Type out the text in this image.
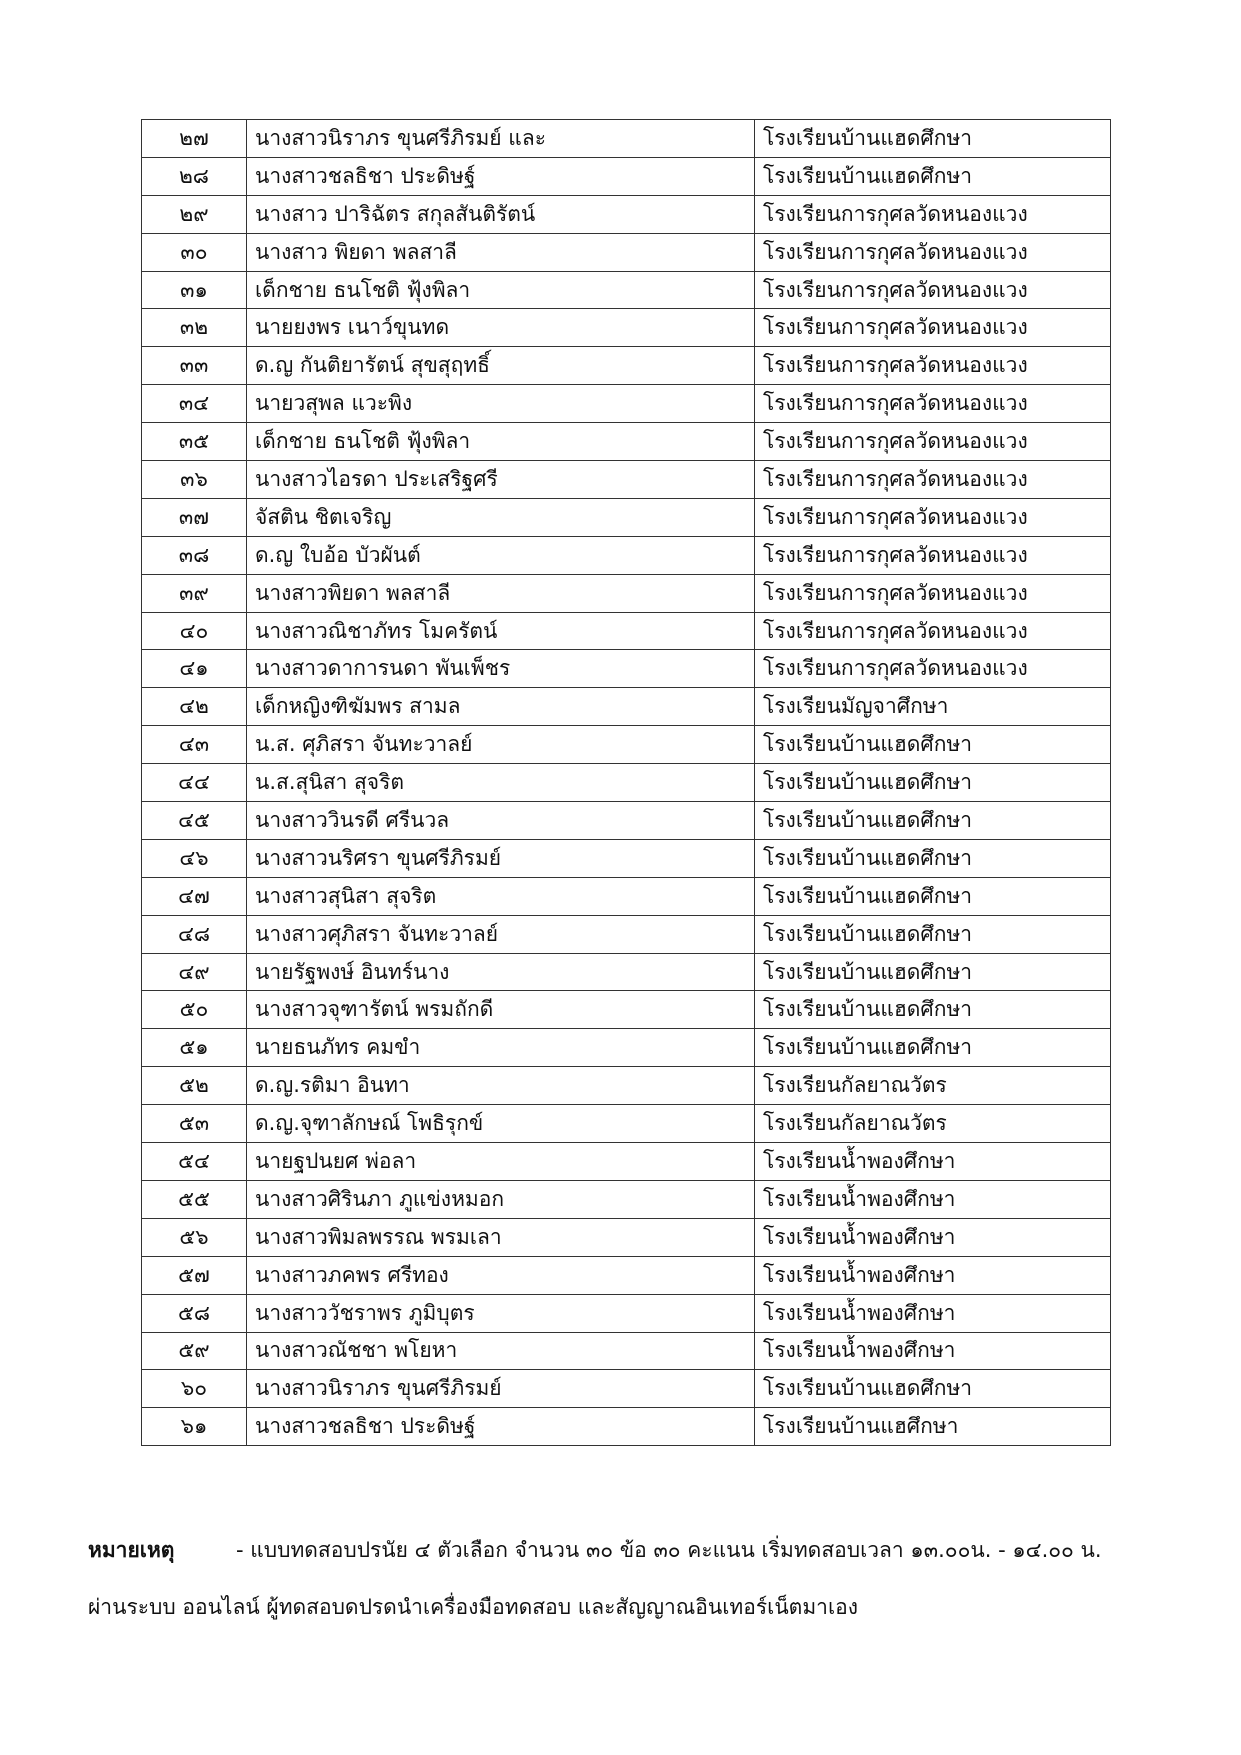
๒๗	นางสาวนิราภร ขุนศรีภิรมย์ และ	โรงเรียนบ้านแฮดศึกษา
๒๘	นางสาวชลธิชา ประดิษฐ์	โรงเรียนบ้านแฮดศึกษา
๒๙	นางสาว ปาริฉัตร สกุลสันติรัตน์	โรงเรียนการกุศลวัดหนองแวง
๓๐	นางสาว พิยดา พลสาลี	โรงเรียนการกุศลวัดหนองแวง
๓๑	เด็กชาย ธนโชติ ฟุ้งพิลา	โรงเรียนการกุศลวัดหนองแวง
๓๒	นายยงพร เนาว์ขุนทด	โรงเรียนการกุศลวัดหนองแวง
๓๓	ด.ญ กันติยารัตน์ สุขสุฤทธิ์	โรงเรียนการกุศลวัดหนองแวง
๓๔	นายวสุพล แวะพิง	โรงเรียนการกุศลวัดหนองแวง
๓๕	เด็กชาย ธนโชติ ฟุ้งพิลา	โรงเรียนการกุศลวัดหนองแวง
๓๖	นางสาวไอรดา ประเสริฐศรี	โรงเรียนการกุศลวัดหนองแวง
๓๗	จัสติน ชิตเจริญ	โรงเรียนการกุศลวัดหนองแวง
๓๘	ด.ญ ใบอ้อ บัวผันต์	โรงเรียนการกุศลวัดหนองแวง
๓๙	นางสาวพิยดา พลสาลี	โรงเรียนการกุศลวัดหนองแวง
๔๐	นางสาวณิชาภัทร โมครัตน์	โรงเรียนการกุศลวัดหนองแวง
๔๑	นางสาวดาการนดา พันเพ็ชร	โรงเรียนการกุศลวัดหนองแวง
๔๒	เด็กหญิงฑิฆัมพร สามล	โรงเรียนมัญจาศึกษา
๔๓	น.ส. ศุภิสรา จันทะวาลย์	โรงเรียนบ้านแฮดศึกษา
๔๔	น.ส.สุนิสา สุจริต	โรงเรียนบ้านแฮดศึกษา
๔๕	นางสาววินรดี ศรีนวล	โรงเรียนบ้านแฮดศึกษา
๔๖	นางสาวนริศรา ขุนศรีภิรมย์	โรงเรียนบ้านแฮดศึกษา
๔๗	นางสาวสุนิสา สุจริต	โรงเรียนบ้านแฮดศึกษา
๔๘	นางสาวศุภิสรา จันทะวาลย์	โรงเรียนบ้านแฮดศึกษา
๔๙	นายรัฐพงษ์ อินทร์นาง	โรงเรียนบ้านแฮดศึกษา
๕๐	นางสาวจุฑารัตน์ พรมถักดี	โรงเรียนบ้านแฮดศึกษา
๕๑	นายธนภัทร คมขำ	โรงเรียนบ้านแฮดศึกษา
๕๒	ด.ญ.รติมา อินทา	โรงเรียนกัลยาณวัตร
๕๓	ด.ญ.จุฑาลักษณ์ โพธิรุกข์	โรงเรียนกัลยาณวัตร
๕๔	นายฐปนยศ พ่อลา	โรงเรียนน้ำพองศึกษา
๕๕	นางสาวศิรินภา ภูแข่งหมอก	โรงเรียนน้ำพองศึกษา
๕๖	นางสาวพิมลพรรณ พรมเลา	โรงเรียนน้ำพองศึกษา
๕๗	นางสาวภคพร ศรีทอง	โรงเรียนน้ำพองศึกษา
๕๘	นางสาววัชราพร ภูมิบุตร	โรงเรียนน้ำพองศึกษา
๕๙	นางสาวณัชชา พโยหา	โรงเรียนน้ำพองศึกษา
๖๐	นางสาวนิราภร ขุนศรีภิรมย์	โรงเรียนบ้านแฮดศึกษา
๖๑	นางสาวชลธิชา ประดิษฐ์	โรงเรียนบ้านแฮศึกษา
หมายเหตุ	- แบบทดสอบปรนัย ๔ ตัวเลือก จำนวน ๓๐ ข้อ ๓๐ คะแนน เริ่มทดสอบเวลา ๑๓.๐๐น. - ๑๔.๐๐ น.
ผ่านระบบ ออนไลน์ ผู้ทดสอบดปรดนำเครื่องมือทดสอบ และสัญญาณอินเทอร์เน็ตมาเอง
